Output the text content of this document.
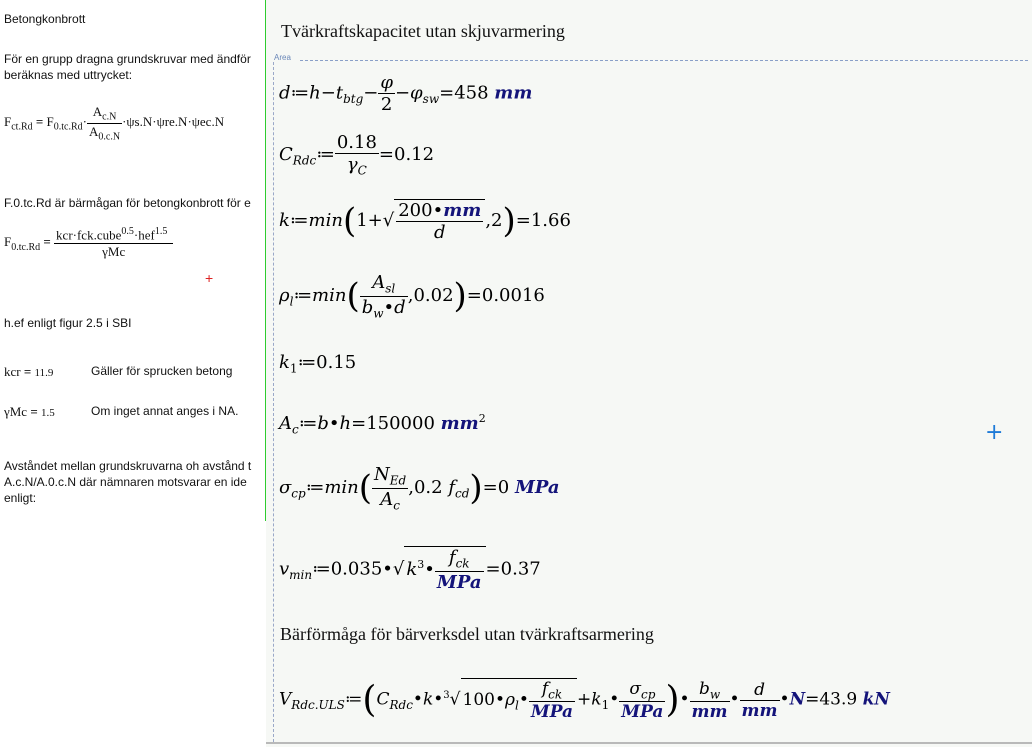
Betongkonbrott
För en grupp dragna grundskruvar med ändför
beräknas med uttrycket:
$F_{ct.Rd} = F_{0.tc.Rd}\cdot \frac{A_{c.N}}{A_{0.c.N}} \cdot\psi s.N\cdot\psi re.N\cdot\psi ec.N$
F.0.tc.Rd är bärmågan för betongkonbrott för e
$F_{0.tc.Rd}$ = kcr·fck.cube$^{0.5}$·hef$^{1.5}$
γMc
+
h.ef enligt figur 2.5 i SBI
kcr = 11.9	Gäller för sprucken betong
γMc = 1.5	Om inget annat anges i NA.
Avståndet mellan grundskruvarna oh avstånd t
A.c.N/A.0.c.N där nämnaren motsvarar en ide
enligt:
Tvärkraftskapacitet utan skjuvarmering
Area
$d≔h-t_{btg}- \frac{\varphi}{2} -\varphi_{sw}=458$ mm
$C_{Rdc}≔ \frac{0.18}{\gamma_C} =0.12$
k≔min(1+√ $\frac{200•mm}{d} ,2)=1.66$
$\rho_l≔\min$( $A_{sl}$
$b_w•d$
,0.02)=0.0016
$k_1≔0.15$
$A_c≔b•h=150000$ $mm^2$
+
$\sigma_{cp}≔\min$( $N_{Ed}$
$A_c$
,0.2 $f_{cd})=0$ MPa
$v_{min}≔0.035•√$ $k^3•$
$f_{ck}$
MPa
=0.37
Bärförmåga för bärverksdel utan tvärkraftsarmering
$V_{Rdc.ULS}≔(C_{Rdc}•k•^3√$ $100•\rho_l•$
$f_{ck}$
MPa
$+k_1•$
$\sigma_{cp}$
MPa )• $\frac{b_w}{mm}$ • $\frac{d}{mm}$ •N=43.9 kN
